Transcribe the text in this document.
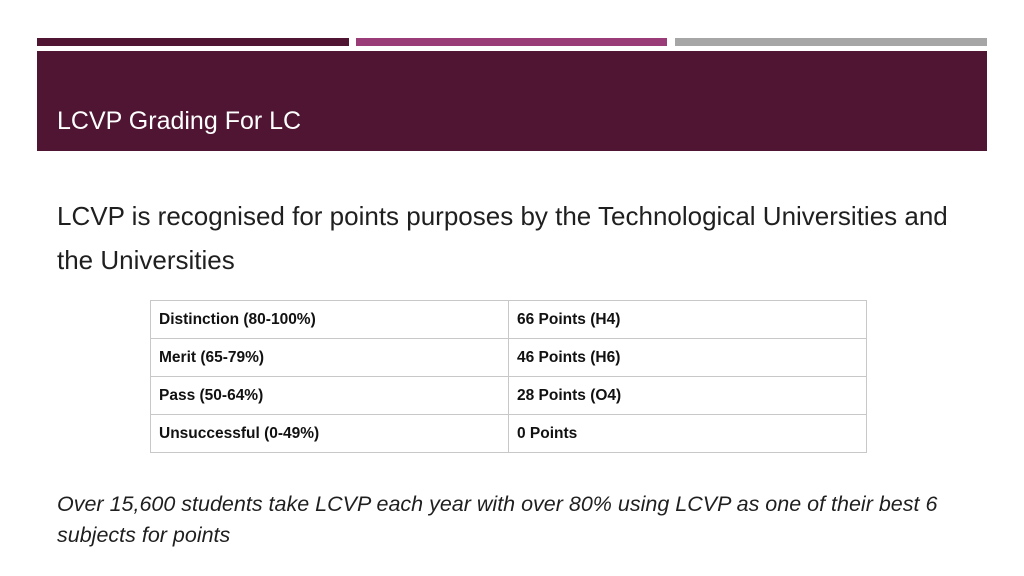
LCVP Grading For LC

LCVP is recognised for points purposes by the Technological Universities and the Universities

Distinction (80-100%)	66 Points (H4)
Merit (65-79%)	46 Points (H6)
Pass (50-64%)	28 Points (O4)
Unsuccessful (0-49%)	0 Points

Over 15,600 students take LCVP each year with over 80% using LCVP as one of their best 6 subjects for points
